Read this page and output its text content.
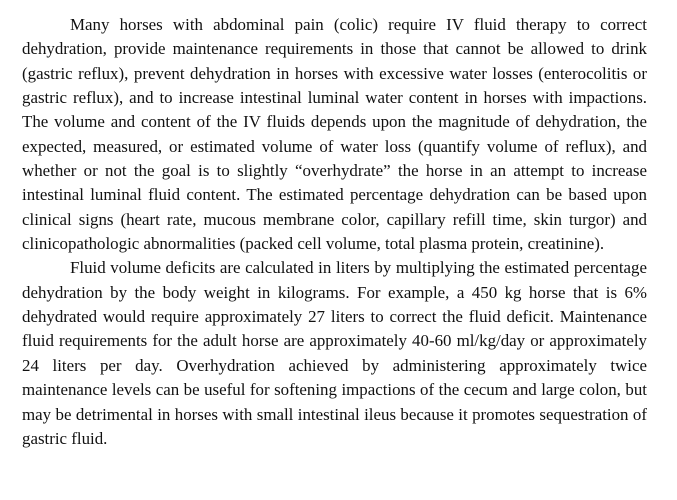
Many horses with abdominal pain (colic) require IV fluid therapy to correct dehydration, provide maintenance requirements in those that cannot be allowed to drink (gastric reflux), prevent dehydration in horses with excessive water losses (enterocolitis or gastric reflux), and to increase intestinal luminal water content in horses with impactions. The volume and content of the IV fluids depends upon the magnitude of dehydration, the expected, measured, or estimated volume of water loss (quantify volume of reflux), and whether or not the goal is to slightly “overhydrate” the horse in an attempt to increase intestinal luminal fluid content. The estimated percentage dehydration can be based upon clinical signs (heart rate, mucous membrane color, capillary refill time, skin turgor) and clinicopathologic abnormalities (packed cell volume, total plasma protein, creatinine).

Fluid volume deficits are calculated in liters by multiplying the estimated percentage dehydration by the body weight in kilograms. For example, a 450 kg horse that is 6% dehydrated would require approximately 27 liters to correct the fluid deficit. Maintenance fluid requirements for the adult horse are approximately 40-60 ml/kg/day or approximately 24 liters per day. Overhydration achieved by administering approximately twice maintenance levels can be useful for softening impactions of the cecum and large colon, but may be detrimental in horses with small intestinal ileus because it promotes sequestration of gastric fluid.
